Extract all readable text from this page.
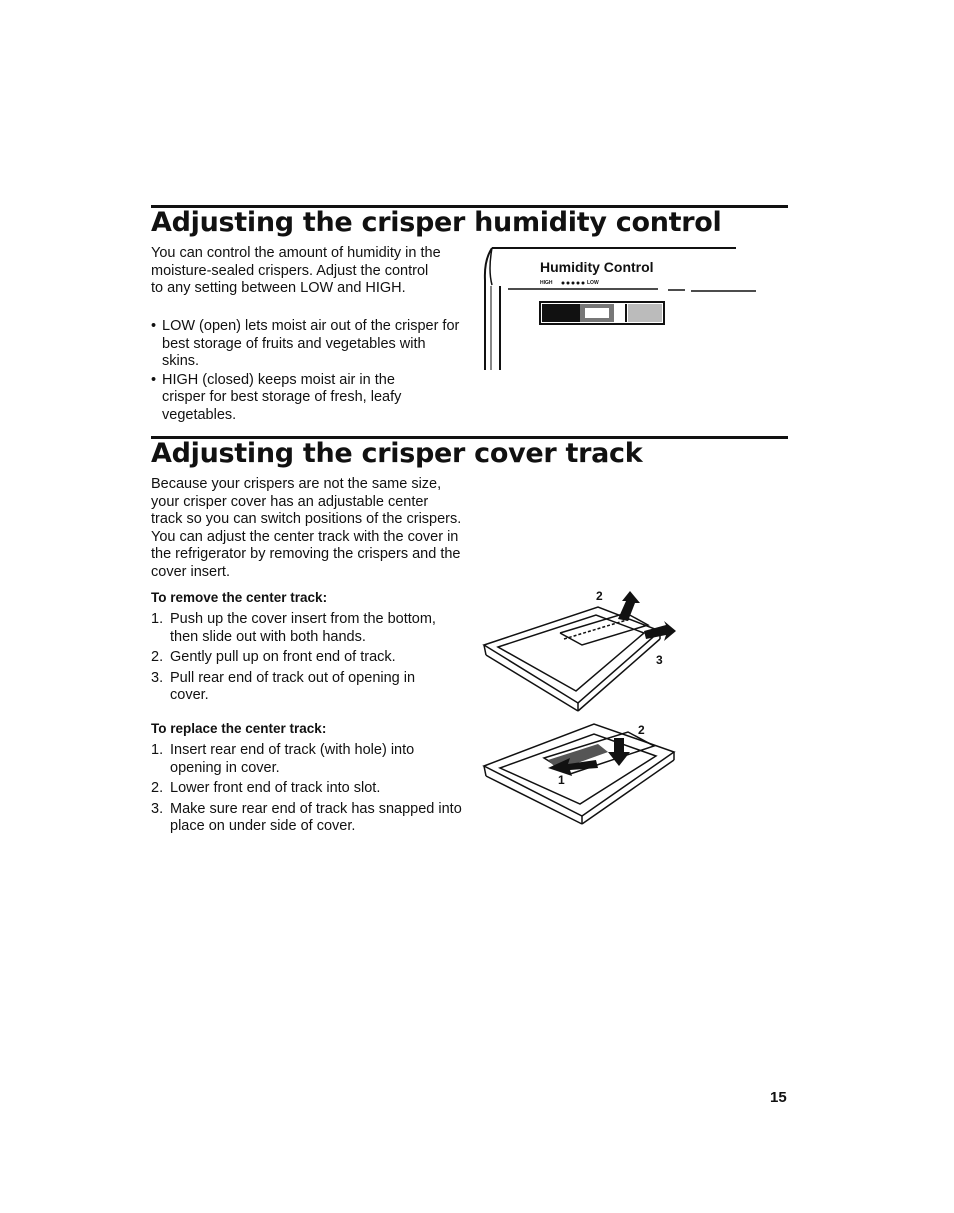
Adjusting the crisper humidity control

You can control the amount of humidity in the moisture-sealed crispers. Adjust the control to any setting between LOW and HIGH.

• LOW (open) lets moist air out of the crisper for best storage of fruits and vegetables with skins.
• HIGH (closed) keeps moist air in the crisper for best storage of fresh, leafy vegetables.
Humidity Control
HIGH	LOW
Adjusting the crisper cover track

Because your crispers are not the same size, your crisper cover has an adjustable center track so you can switch positions of the crispers. You can adjust the center track with the cover in the refrigerator by removing the crispers and the cover insert.

To remove the center track:
1. Push up the cover insert from the bottom, then slide out with both hands.
2. Gently pull up on front end of track.
3. Pull rear end of track out of opening in cover.
To replace the center track:
1. Insert rear end of track (with hole) into opening in cover.
2. Lower front end of track into slot.
3. Make sure rear end of track has snapped into place on under side of cover.
2
3
2
1
15
